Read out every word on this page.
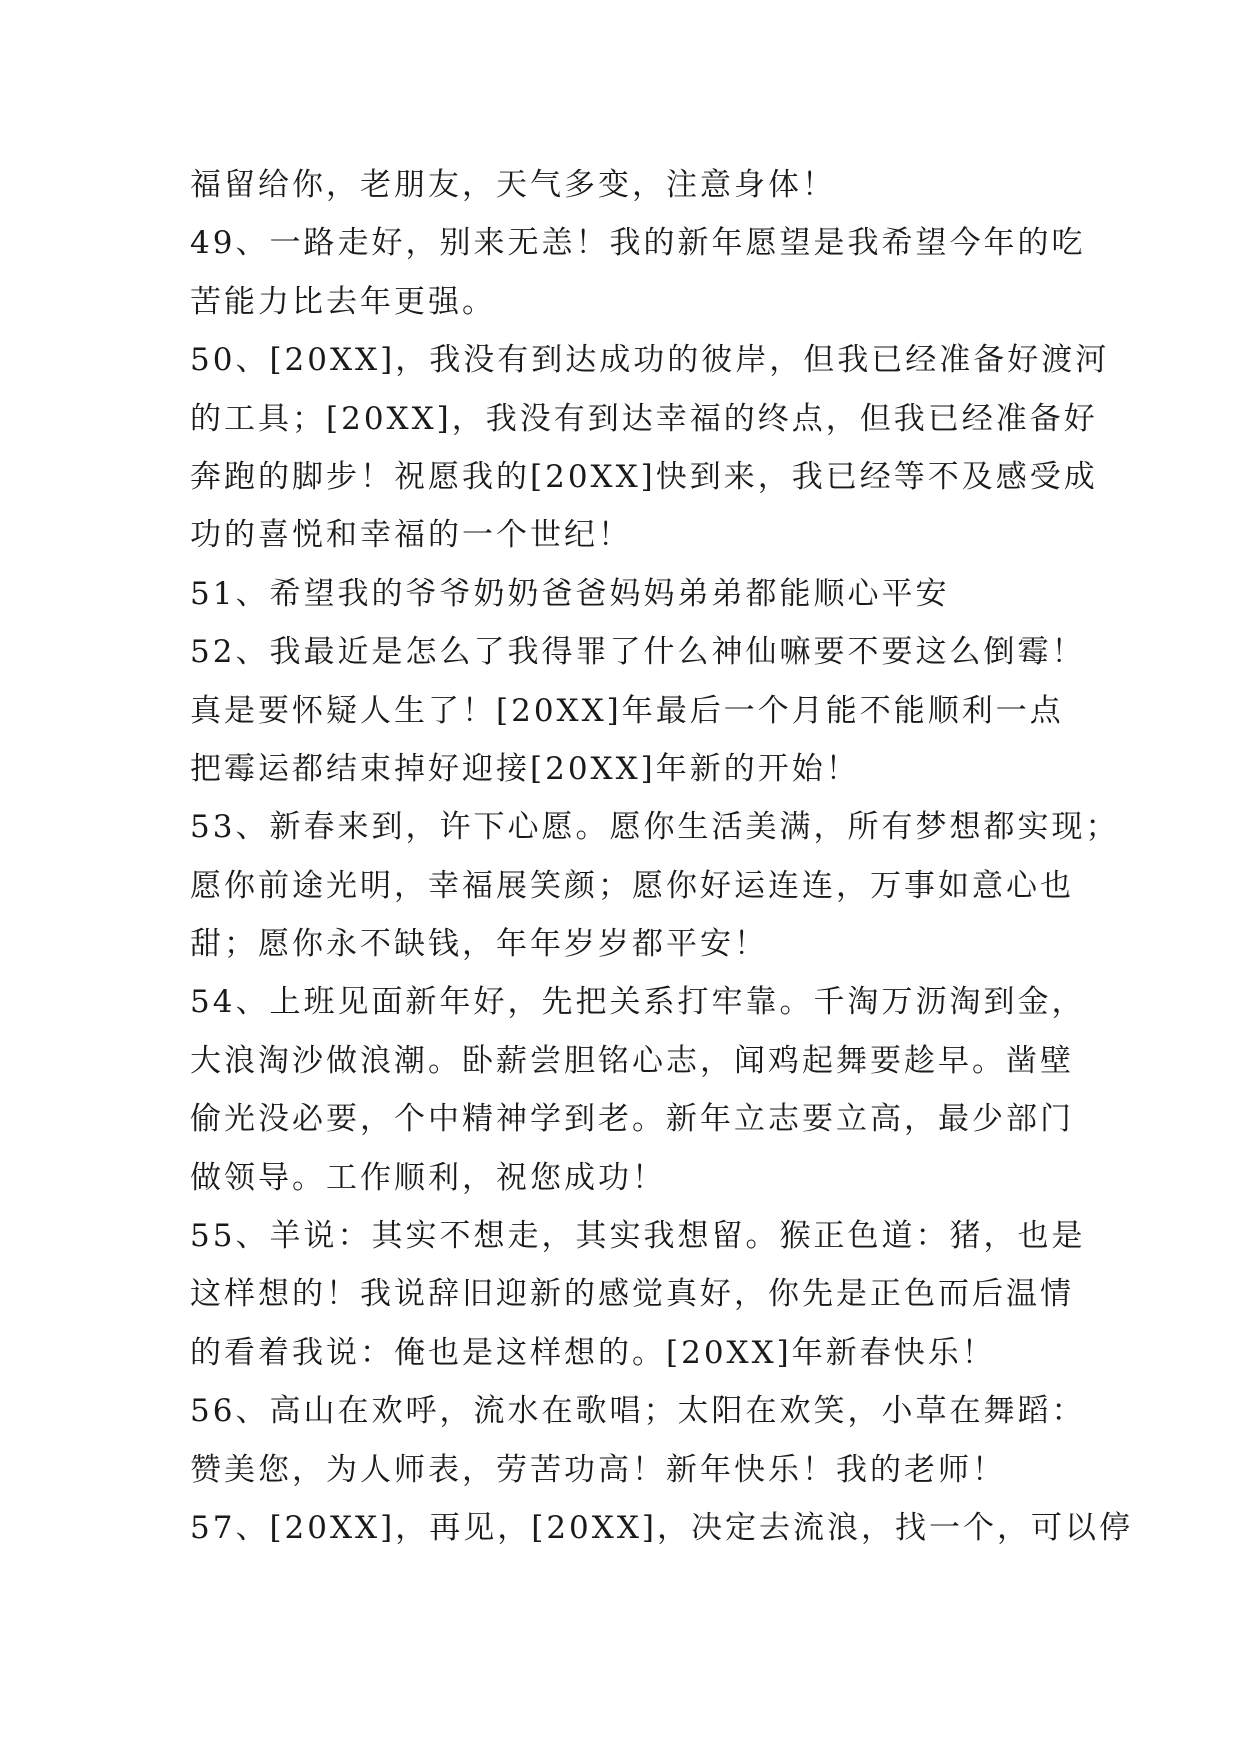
福留给你，老朋友，天气多变，注意身体！
49、一路走好，别来无恙！我的新年愿望是我希望今年的吃
苦能力比去年更强。
50、[20XX]，我没有到达成功的彼岸，但我已经准备好渡河
的工具；[20XX]，我没有到达幸福的终点，但我已经准备好
奔跑的脚步！祝愿我的[20XX]快到来，我已经等不及感受成
功的喜悦和幸福的一个世纪！
51、希望我的爷爷奶奶爸爸妈妈弟弟都能顺心平安
52、我最近是怎么了我得罪了什么神仙嘛要不要这么倒霉！
真是要怀疑人生了！[20XX]年最后一个月能不能顺利一点
把霉运都结束掉好迎接[20XX]年新的开始！
53、新春来到，许下心愿。愿你生活美满，所有梦想都实现；
愿你前途光明，幸福展笑颜；愿你好运连连，万事如意心也
甜；愿你永不缺钱，年年岁岁都平安！
54、上班见面新年好，先把关系打牢靠。千淘万沥淘到金，
大浪淘沙做浪潮。卧薪尝胆铭心志，闻鸡起舞要趁早。凿壁
偷光没必要，个中精神学到老。新年立志要立高，最少部门
做领导。工作顺利，祝您成功！
55、羊说：其实不想走，其实我想留。猴正色道：猪，也是
这样想的！我说辞旧迎新的感觉真好，你先是正色而后温情
的看着我说：俺也是这样想的。[20XX]年新春快乐！
56、高山在欢呼，流水在歌唱；太阳在欢笑，小草在舞蹈：
赞美您，为人师表，劳苦功高！新年快乐！我的老师！
57、[20XX]，再见，[20XX]，决定去流浪，找一个，可以停
